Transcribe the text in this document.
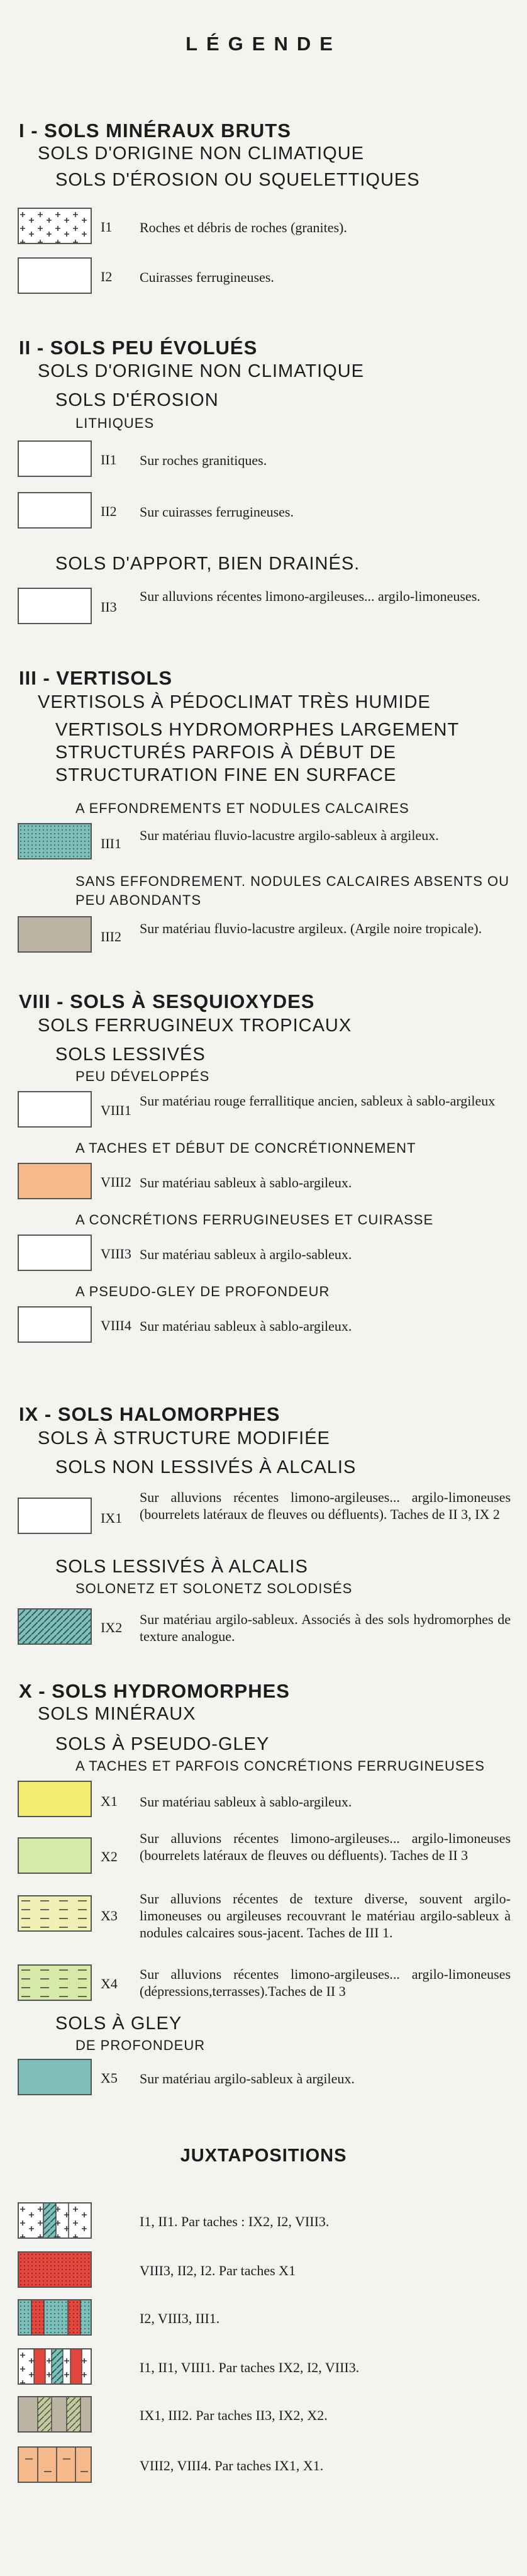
LÉGENDE
I - SOLS MINÉRAUX BRUTS
SOLS D'ORIGINE NON CLIMATIQUE
SOLS D'ÉROSION OU SQUELETTIQUES
I1 Roches et débris de roches (granites).
I2 Cuirasses ferrugineuses.
II - SOLS PEU ÉVOLUÉS
SOLS D'ORIGINE NON CLIMATIQUE
SOLS D'ÉROSION
LITHIQUES
II1 Sur roches granitiques.
II2 Sur cuirasses ferrugineuses.
SOLS D'APPORT, BIEN DRAINÉS.
II3
Sur alluvions récentes limono-argileuses... argilo-limoneuses.
III - VERTISOLS
VERTISOLS À PÉDOCLIMAT TRÈS HUMIDE
VERTISOLS HYDROMORPHES LARGEMENT STRUCTURÉS PARFOIS À DÉBUT DE STRUCTURATION FINE EN SURFACE
A EFFONDREMENTS ET NODULES CALCAIRES
III1
Sur matériau fluvio-lacustre argilo-sableux à argileux.
SANS EFFONDREMENT. NODULES CALCAIRES ABSENTS OU PEU ABONDANTS
III2
Sur matériau fluvio-lacustre argileux. (Argile noire tropicale).
VIII - SOLS À SESQUIOXYDES
SOLS FERRUGINEUX TROPICAUX
SOLS LESSIVÉS
PEU DÉVELOPPÉS
VIII1
Sur matériau rouge ferrallitique ancien, sableux à sablo-argileux
A TACHES ET DÉBUT DE CONCRÉTIONNEMENT
VIII2 Sur matériau sableux à sablo-argileux.
A CONCRÉTIONS FERRUGINEUSES ET CUIRASSE
VIII3 Sur matériau sableux à argilo-sableux.
A PSEUDO-GLEY DE PROFONDEUR
VIII4 Sur matériau sableux à sablo-argileux.
IX - SOLS HALOMORPHES
SOLS À STRUCTURE MODIFIÉE
SOLS NON LESSIVÉS À ALCALIS
IX1
Sur alluvions récentes limono-argileuses... argilo-limoneuses (bourrelets latéraux de fleuves ou défluents). Taches de II 3, IX 2
SOLS LESSIVÉS À ALCALIS
SOLONETZ ET SOLONETZ SOLODISÉS
IX2
Sur matériau argilo-sableux. Associés à des sols hydromorphes de texture analogue.
X - SOLS HYDROMORPHES
SOLS MINÉRAUX
SOLS À PSEUDO-GLEY
A TACHES ET PARFOIS CONCRÉTIONS FERRUGINEUSES
X1 Sur matériau sableux à sablo-argileux.
X2
Sur alluvions récentes limono-argileuses... argilo-limoneuses (bourrelets latéraux de fleuves ou défluents). Taches de II 3
X3
Sur alluvions récentes de texture diverse, souvent argilo-limoneuses ou argileuses recouvrant le matériau argilo-sableux à nodules calcaires sous-jacent. Taches de III 1.
X4
Sur alluvions récentes limono-argileuses... argilo-limoneuses (dépressions,terrasses).Taches de II 3
SOLS À GLEY
DE PROFONDEUR
X5 Sur matériau argilo-sableux à argileux.
JUXTAPOSITIONS
I1, II1. Par taches : IX2, I2, VIII3.
VIII3, II2, I2. Par taches X1
I2, VIII3, III1.
I1, II1, VIII1. Par taches IX2, I2, VIII3.
IX1, III2. Par taches II3, IX2, X2.
VIII2, VIII4. Par taches IX1, X1.
